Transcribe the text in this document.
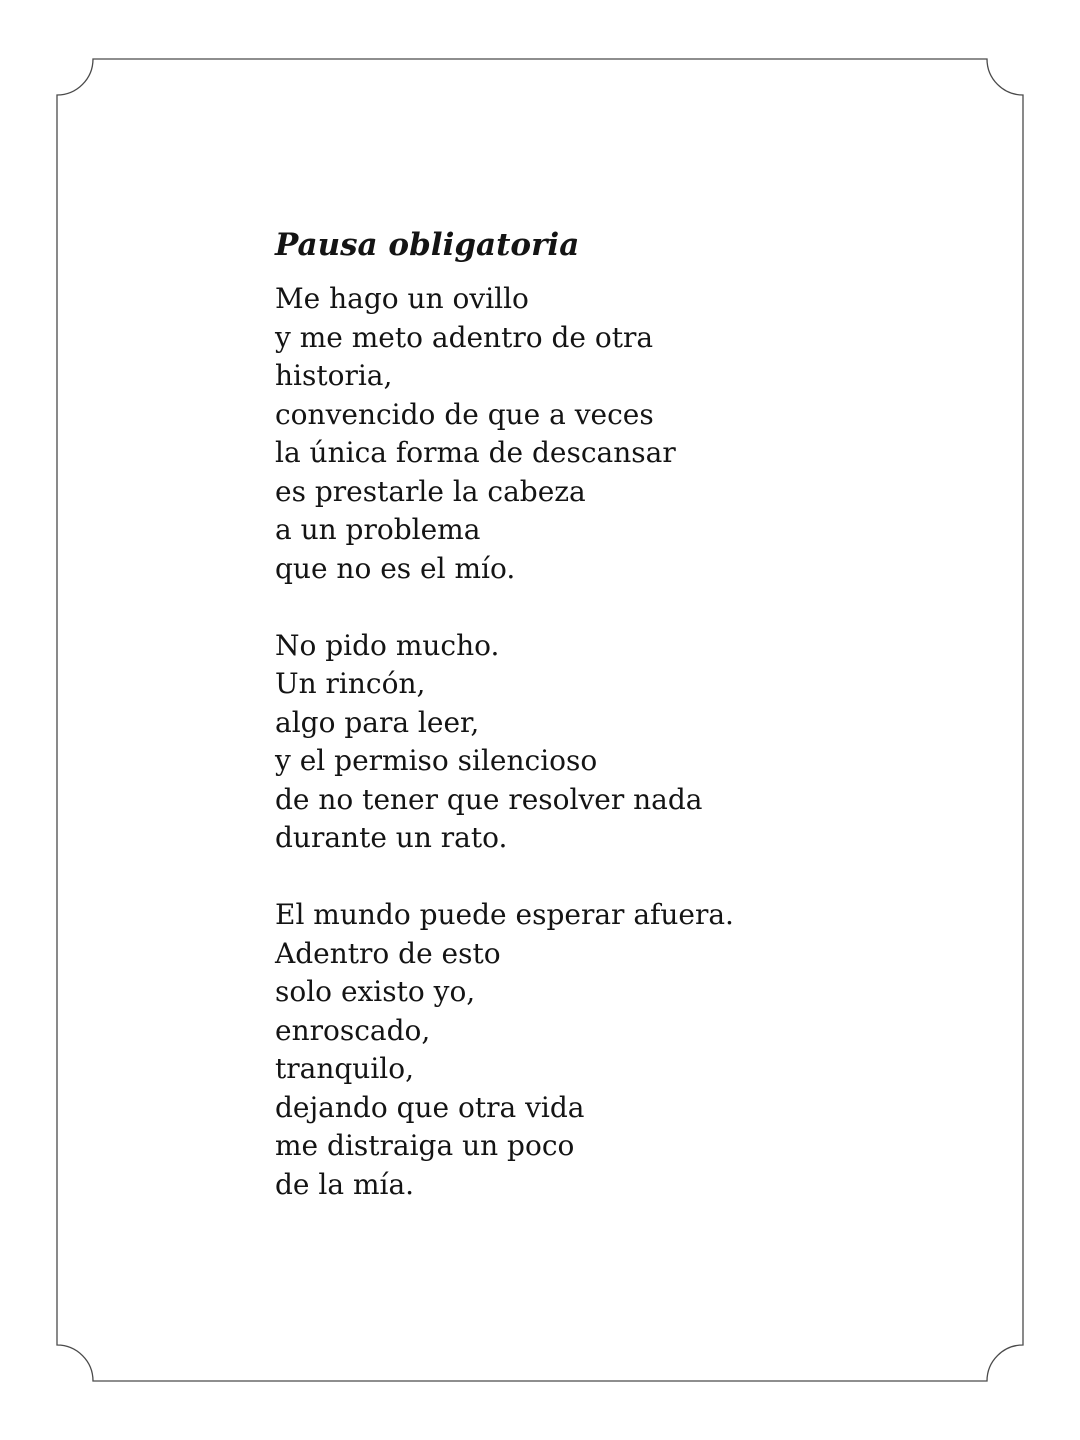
Pausa obligatoria

Me hago un ovillo
y me meto adentro de otra
historia,
convencido de que a veces
la única forma de descansar
es prestarle la cabeza
a un problema
que no es el mío.

No pido mucho.
Un rincón,
algo para leer,
y el permiso silencioso
de no tener que resolver nada
durante un rato.

El mundo puede esperar afuera.
Adentro de esto
solo existo yo,
enroscado,
tranquilo,
dejando que otra vida
me distraiga un poco
de la mía.
